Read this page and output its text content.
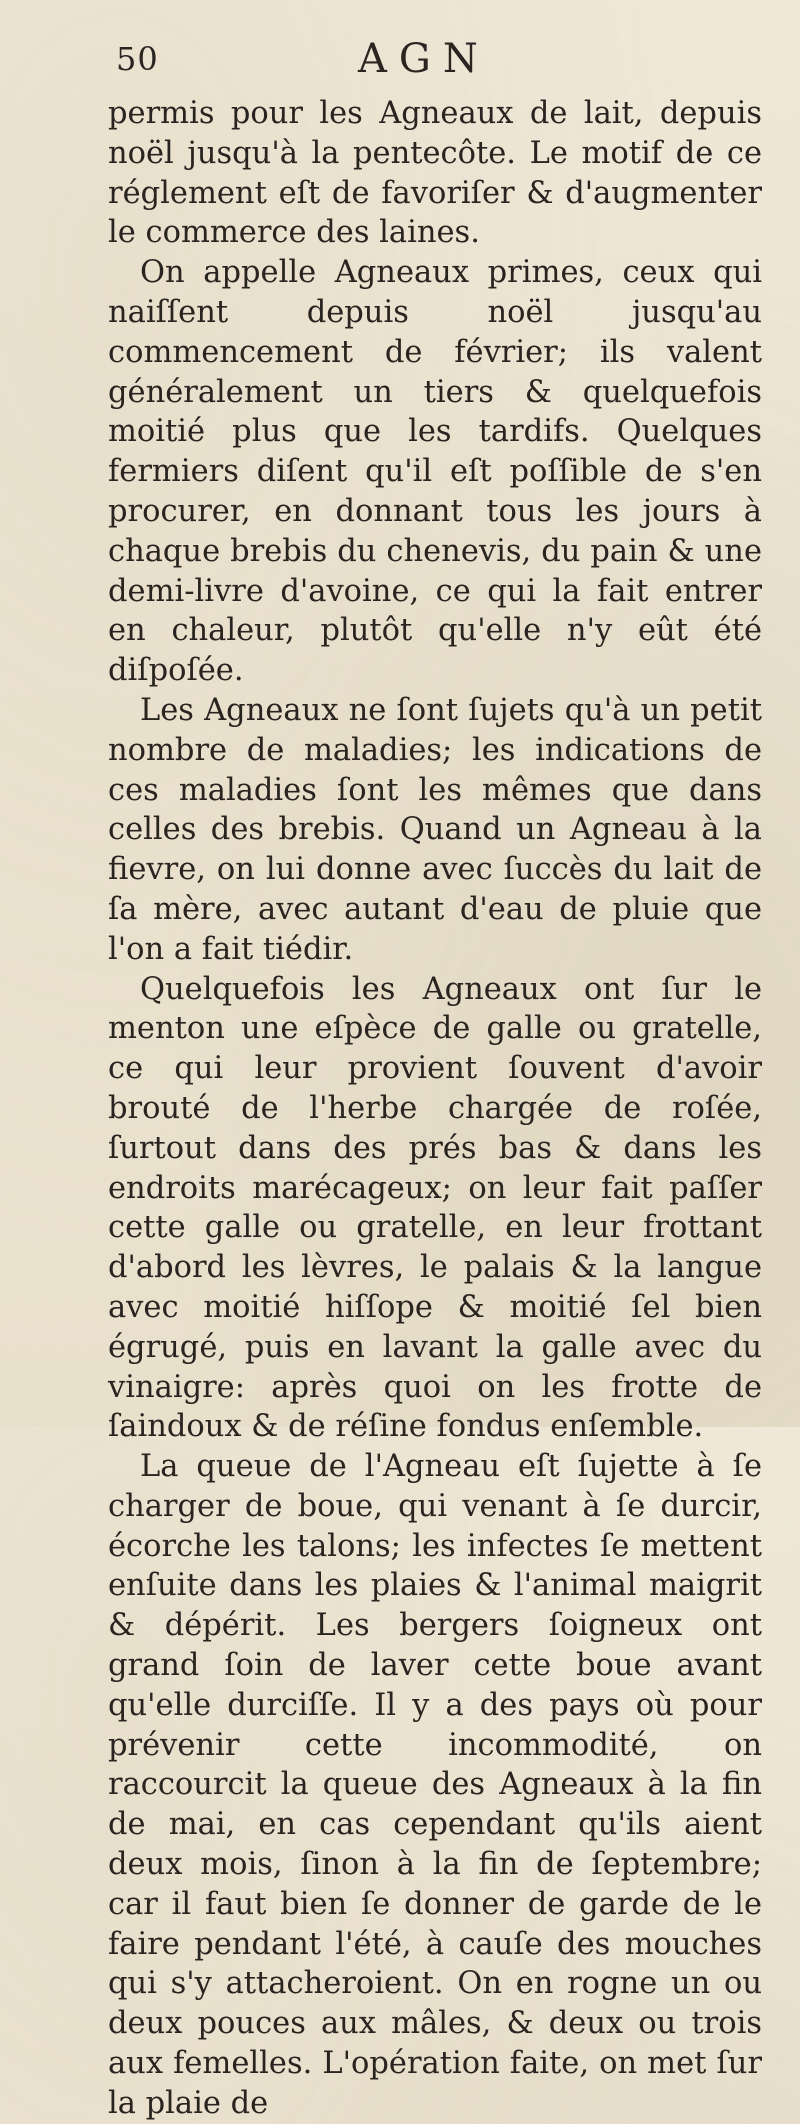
50	AGN

permis pour les Agneaux de lait, depuis noël jusqu'à la pentecôte. Le motif de ce réglement eſt de favoriſer & d'augmenter le commerce des laines.

On appelle Agneaux primes, ceux qui naiſſent depuis noël jusqu'au commencement de février; ils valent généralement un tiers & quelquefois moitié plus que les tardifs. Quelques fermiers diſent qu'il eſt poſſible de s'en procurer, en donnant tous les jours à chaque brebis du chenevis, du pain & une demi-livre d'avoine, ce qui la fait entrer en chaleur, plutôt qu'elle n'y eût été diſpoſée.

Les Agneaux ne ſont ſujets qu'à un petit nombre de maladies; les indications de ces maladies ſont les mêmes que dans celles des brebis. Quand un Agneau à la fievre, on lui donne avec ſuccès du lait de ſa mère, avec autant d'eau de pluie que l'on a fait tiédir.

Quelquefois les Agneaux ont ſur le menton une eſpèce de galle ou gratelle, ce qui leur provient ſouvent d'avoir brouté de l'herbe chargée de roſée, ſurtout dans des prés bas & dans les endroits marécageux; on leur fait paſſer cette galle ou gratelle, en leur frottant d'abord les lèvres, le palais & la langue avec moitié hiſſope & moitié ſel bien égrugé, puis en lavant la galle avec du vinaigre: après quoi on les frotte de ſaindoux & de réſine fondus enſemble.

La queue de l'Agneau eſt ſujette à ſe charger de boue, qui venant à ſe durcir, écorche les talons; les infectes ſe mettent enſuite dans les plaies & l'animal maigrit & dépérit. Les bergers ſoigneux ont grand ſoin de laver cette boue avant qu'elle durciſſe. Il y a des pays où pour prévenir cette incommodité, on raccourcit la queue des Agneaux à la fin de mai, en cas cependant qu'ils aient deux mois, ſinon à la fin de ſeptembre; car il faut bien ſe donner de garde de le faire pendant l'été, à cauſe des mouches qui s'y attacheroient. On en rogne un ou deux pouces aux mâles, & deux ou trois aux femelles. L'opération faite, on met ſur la plaie de
